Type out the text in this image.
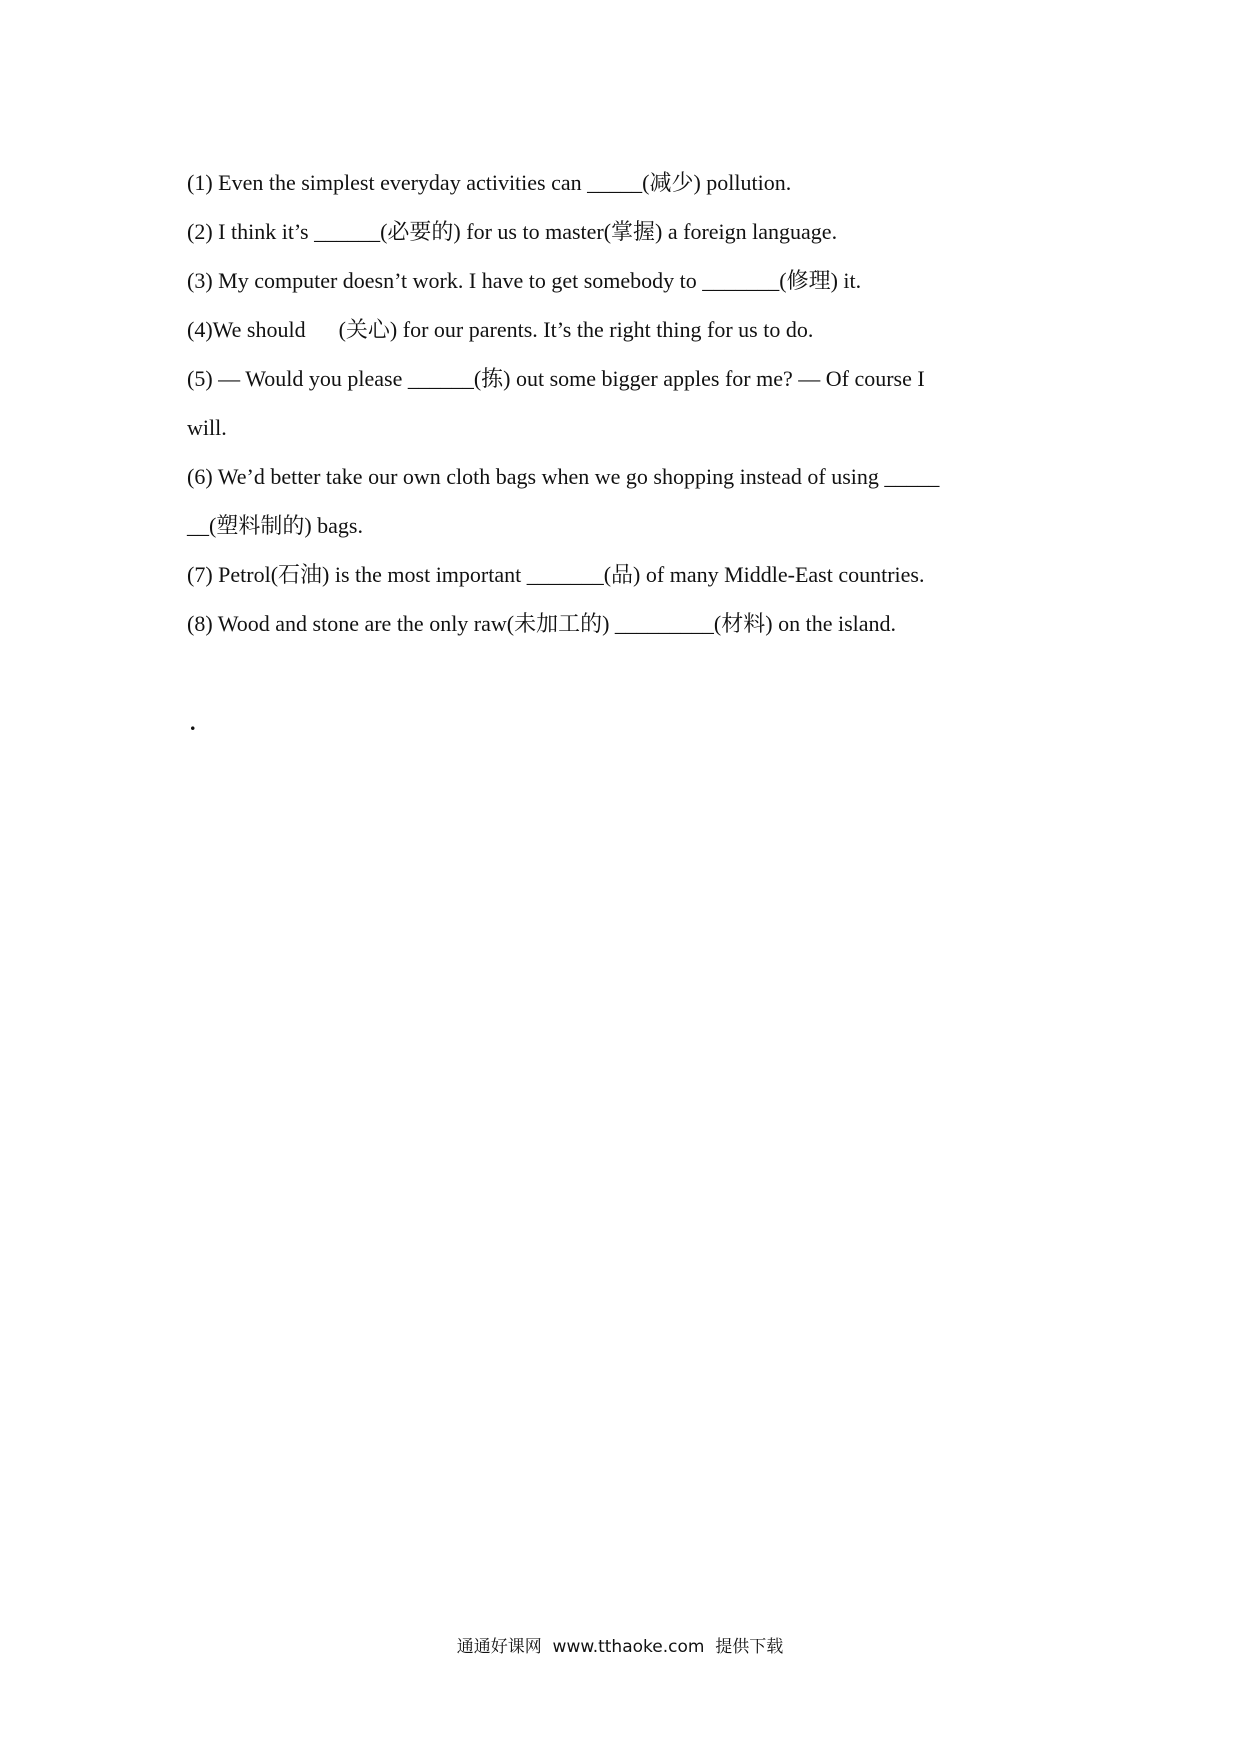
(1) Even the simplest everyday activities can _____(减少) pollution.
(2) I think it’s ______(必要的) for us to master(掌握) a foreign language.
(3) My computer doesn’t work. I have to get somebody to _______(修理) it.
(4)We should      (关心) for our parents. It’s the right thing for us to do.
(5) — Would you please ______(拣) out some bigger apples for me? — Of course I
will.
(6) We’d better take our own cloth bags when we go shopping instead of using _____
__(塑料制的) bags.
(7) Petrol(石油) is the most important _______(品) of many Middle-East countries.
(8) Wood and stone are the only raw(未加工的) _________(材料) on the island.
.
通通好课网  www.tthaoke.com  提供下载
